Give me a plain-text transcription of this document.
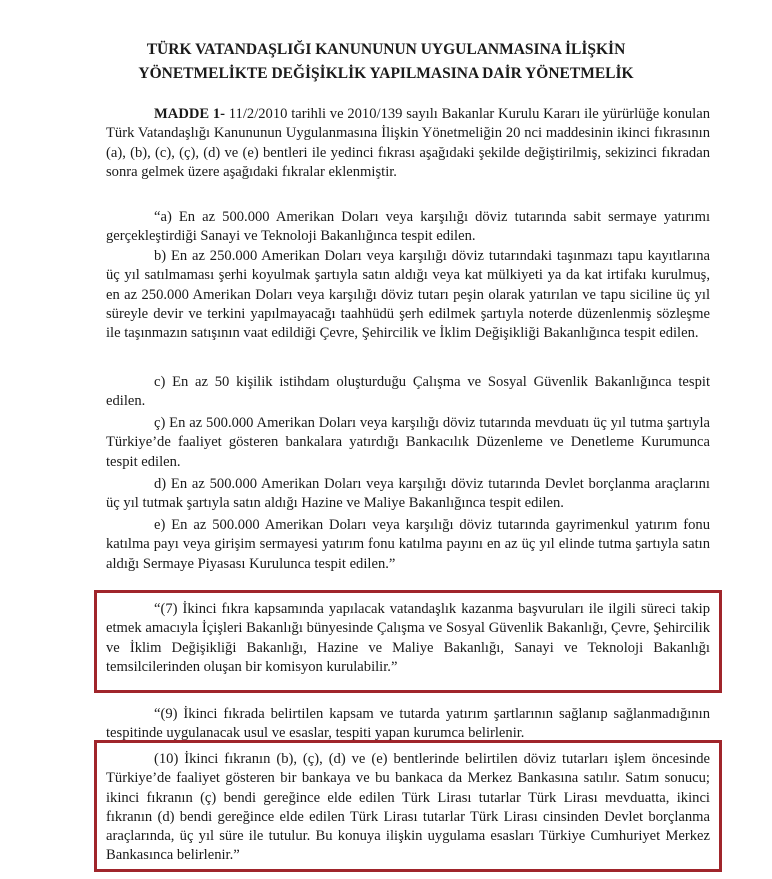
TÜRK VATANDAŞLIĞI KANUNUNUN UYGULANMASINA İLİŞKİN
YÖNETMELİKTE DEĞİŞİKLİK YAPILMASINA DAİR YÖNETMELİK

MADDE 1- 11/2/2010 tarihli ve 2010/139 sayılı Bakanlar Kurulu Kararı ile yürürlüğe konulan Türk Vatandaşlığı Kanununun Uygulanmasına İlişkin Yönetmeliğin 20 nci maddesinin ikinci fıkrasının (a), (b), (c), (ç), (d) ve (e) bentleri ile yedinci fıkrası aşağıdaki şekilde değiştirilmiş, sekizinci fıkradan sonra gelmek üzere aşağıdaki fıkralar eklenmiştir.

“a) En az 500.000 Amerikan Doları veya karşılığı döviz tutarında sabit sermaye yatırımı gerçekleştirdiği Sanayi ve Teknoloji Bakanlığınca tespit edilen.

b) En az 250.000 Amerikan Doları veya karşılığı döviz tutarındaki taşınmazı tapu kayıtlarına üç yıl satılmaması şerhi koyulmak şartıyla satın aldığı veya kat mülkiyeti ya da kat irtifakı kurulmuş, en az 250.000 Amerikan Doları veya karşılığı döviz tutarı peşin olarak yatırılan ve tapu siciline üç yıl süreyle devir ve terkini yapılmayacağı taahhüdü şerh edilmek şartıyla noterde düzenlenmiş sözleşme ile taşınmazın satışının vaat edildiği Çevre, Şehircilik ve İklim Değişikliği Bakanlığınca tespit edilen.

c) En az 50 kişilik istihdam oluşturduğu Çalışma ve Sosyal Güvenlik Bakanlığınca tespit edilen.

ç) En az 500.000 Amerikan Doları veya karşılığı döviz tutarında mevduatı üç yıl tutma şartıyla Türkiye’de faaliyet gösteren bankalara yatırdığı Bankacılık Düzenleme ve Denetleme Kurumunca tespit edilen.

d) En az 500.000 Amerikan Doları veya karşılığı döviz tutarında Devlet borçlanma araçlarını üç yıl tutmak şartıyla satın aldığı Hazine ve Maliye Bakanlığınca tespit edilen.

e) En az 500.000 Amerikan Doları veya karşılığı döviz tutarında gayrimenkul yatırım fonu katılma payı veya girişim sermayesi yatırım fonu katılma payını en az üç yıl elinde tutma şartıyla satın aldığı Sermaye Piyasası Kurulunca tespit edilen.”

“(7) İkinci fıkra kapsamında yapılacak vatandaşlık kazanma başvuruları ile ilgili süreci takip etmek amacıyla İçişleri Bakanlığı bünyesinde Çalışma ve Sosyal Güvenlik Bakanlığı, Çevre, Şehircilik ve İklim Değişikliği Bakanlığı, Hazine ve Maliye Bakanlığı, Sanayi ve Teknoloji Bakanlığı temsilcilerinden oluşan bir komisyon kurulabilir.”

“(9) İkinci fıkrada belirtilen kapsam ve tutarda yatırım şartlarının sağlanıp sağlanmadığının tespitinde uygulanacak usul ve esaslar, tespiti yapan kurumca belirlenir.

(10) İkinci fıkranın (b), (ç), (d) ve (e) bentlerinde belirtilen döviz tutarları işlem öncesinde Türkiye’de faaliyet gösteren bir bankaya ve bu bankaca da Merkez Bankasına satılır. Satım sonucu; ikinci fıkranın (ç) bendi gereğince elde edilen Türk Lirası tutarlar Türk Lirası mevduatta, ikinci fıkranın (d) bendi gereğince elde edilen Türk Lirası tutarlar Türk Lirası cinsinden Devlet borçlanma araçlarında, üç yıl süre ile tutulur. Bu konuya ilişkin uygulama esasları Türkiye Cumhuriyet Merkez Bankasınca belirlenir.”
